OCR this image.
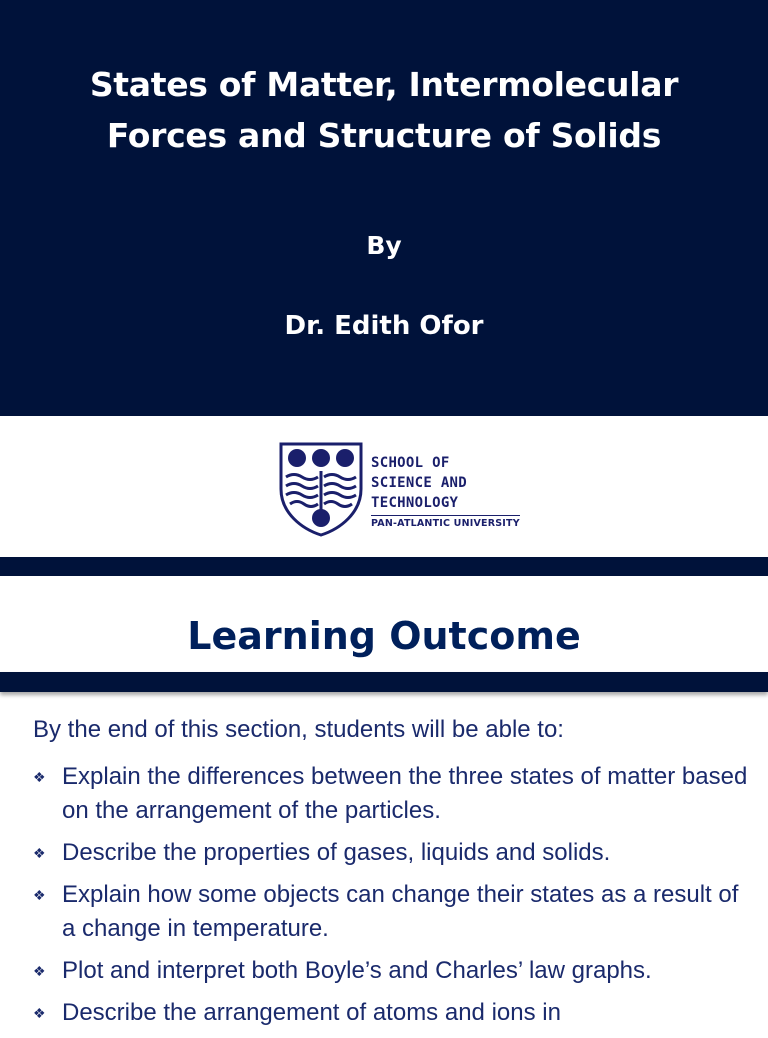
States of Matter, Intermolecular
Forces and Structure of Solids
By
Dr. Edith Ofor
SCHOOL OF
SCIENCE AND
TECHNOLOGY
PAN-ATLANTIC UNIVERSITY
Learning Outcome
By the end of this section, students will be able to:
❖ Explain the differences between the three states of matter based on the arrangement of the particles.
❖ Describe the properties of gases, liquids and solids.
❖ Explain how some objects can change their states as a result of a change in temperature.
❖ Plot and interpret both Boyle’s and Charles’ law graphs.
❖ Describe the arrangement of atoms and ions in
